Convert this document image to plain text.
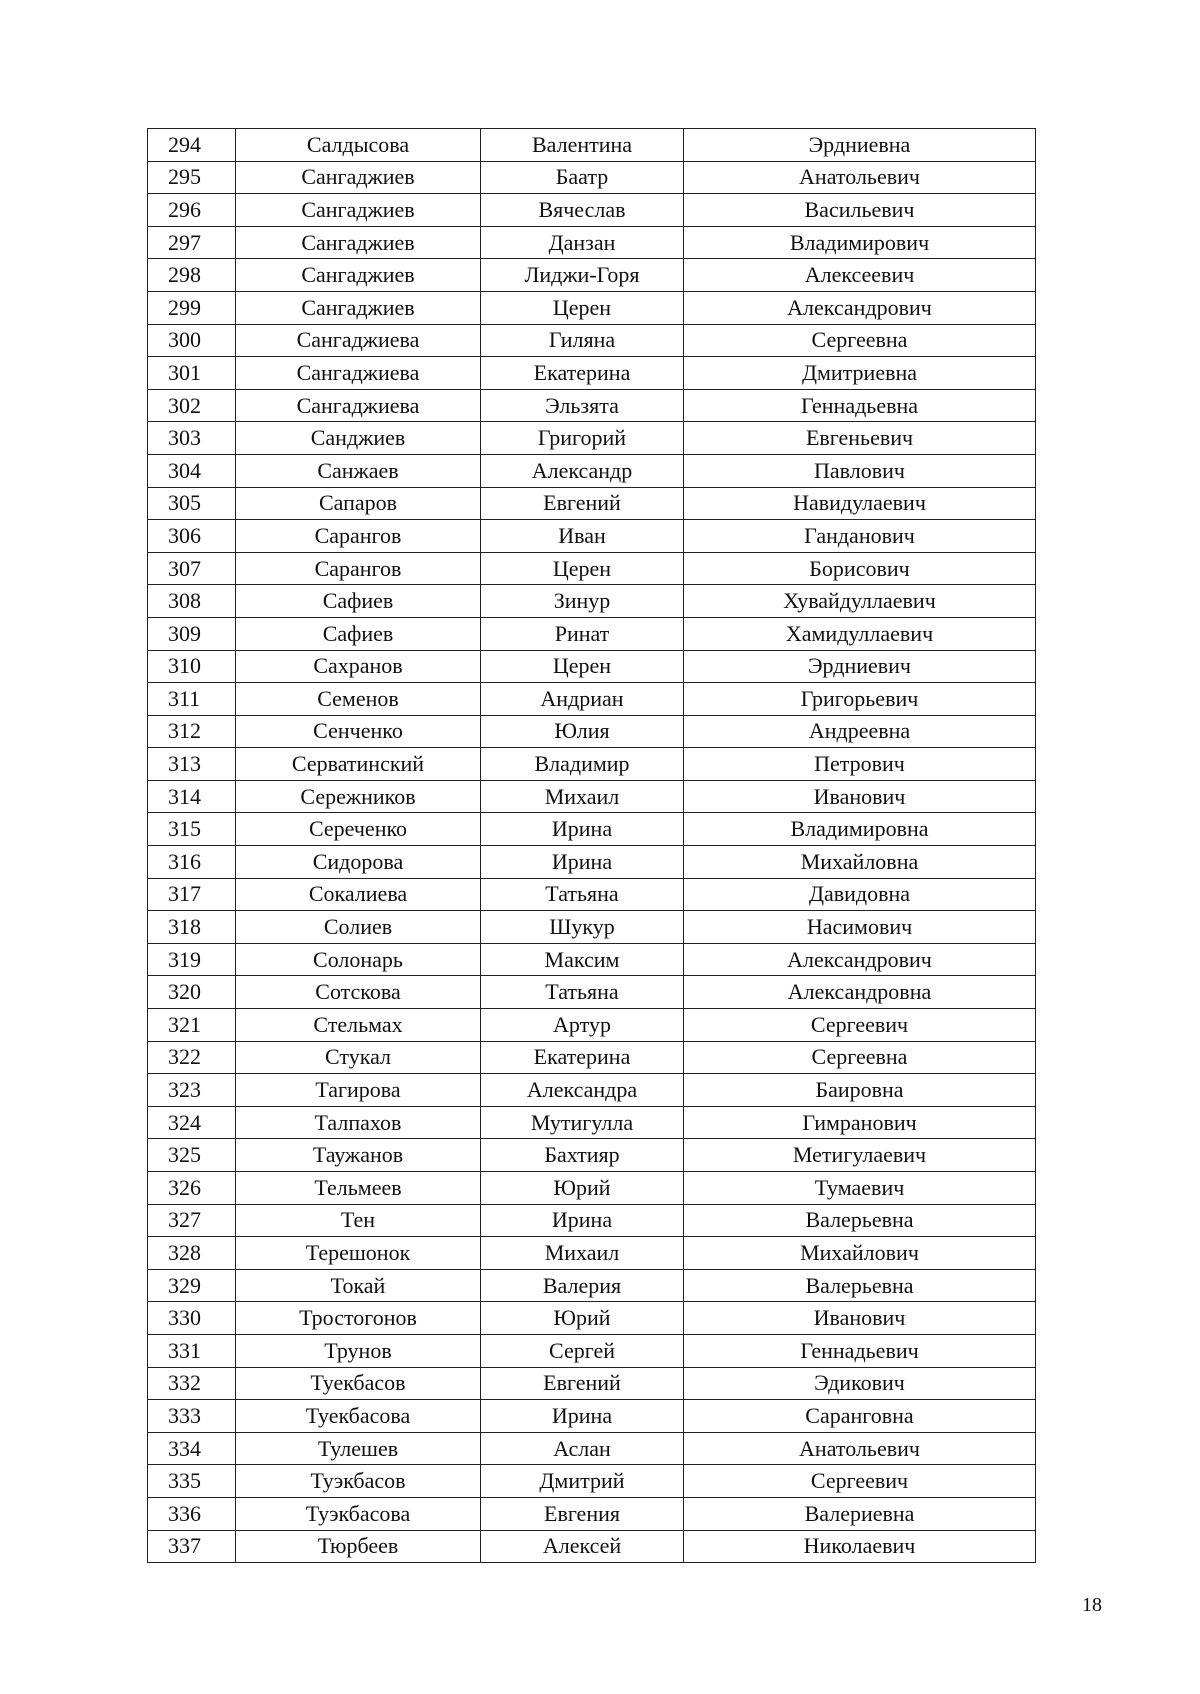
294	Салдысова	Валентина	Эрдниевна
295	Сангаджиев	Баатр	Анатольевич
296	Сангаджиев	Вячеслав	Васильевич
297	Сангаджиев	Данзан	Владимирович
298	Сангаджиев	Лиджи-Горя	Алексеевич
299	Сангаджиев	Церен	Александрович
300	Сангаджиева	Гиляна	Сергеевна
301	Сангаджиева	Екатерина	Дмитриевна
302	Сангаджиева	Эльзята	Геннадьевна
303	Санджиев	Григорий	Евгеньевич
304	Санжаев	Александр	Павлович
305	Сапаров	Евгений	Навидулаевич
306	Сарангов	Иван	Ганданович
307	Сарангов	Церен	Борисович
308	Сафиев	Зинур	Хувайдуллаевич
309	Сафиев	Ринат	Хамидуллаевич
310	Сахранов	Церен	Эрдниевич
311	Семенов	Андриан	Григорьевич
312	Сенченко	Юлия	Андреевна
313	Серватинский	Владимир	Петрович
314	Сережников	Михаил	Иванович
315	Сереченко	Ирина	Владимировна
316	Сидорова	Ирина	Михайловна
317	Сокалиева	Татьяна	Давидовна
318	Солиев	Шукур	Насимович
319	Солонарь	Максим	Александрович
320	Сотскова	Татьяна	Александровна
321	Стельмах	Артур	Сергеевич
322	Стукал	Екатерина	Сергеевна
323	Тагирова	Александра	Баировна
324	Талпахов	Мутигулла	Гимранович
325	Таужанов	Бахтияр	Метигулаевич
326	Тельмеев	Юрий	Тумаевич
327	Тен	Ирина	Валерьевна
328	Терешонок	Михаил	Михайлович
329	Токай	Валерия	Валерьевна
330	Тростогонов	Юрий	Иванович
331	Трунов	Сергей	Геннадьевич
332	Туекбасов	Евгений	Эдикович
333	Туекбасова	Ирина	Саранговна
334	Тулешев	Аслан	Анатольевич
335	Туэкбасов	Дмитрий	Сергеевич
336	Туэкбасова	Евгения	Валериевна
337	Тюрбеев	Алексей	Николаевич
18
